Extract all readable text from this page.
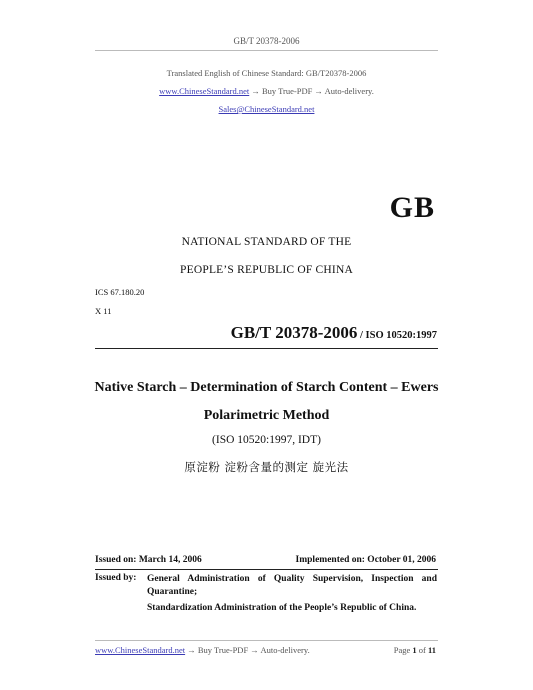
GB/T 20378-2006
Translated English of Chinese Standard: GB/T20378-2006
www.ChineseStandard.net → Buy True-PDF → Auto-delivery.
Sales@ChineseStandard.net
GB
NATIONAL STANDARD OF THE
PEOPLE’S REPUBLIC OF CHINA
ICS 67.180.20
X 11
GB/T 20378-2006 / ISO 10520:1997
Native Starch – Determination of Starch Content – Ewers
Polarimetric Method
(ISO 10520:1997, IDT)
原淀粉 淀粉含量的测定 旋光法
Issued on: March 14, 2006	Implemented on: October 01, 2006
Issued by: General Administration of Quality Supervision, Inspection and Quarantine;
Standardization Administration of the People’s Republic of China.
www.ChineseStandard.net → Buy True-PDF → Auto-delivery.	Page 1 of 11
